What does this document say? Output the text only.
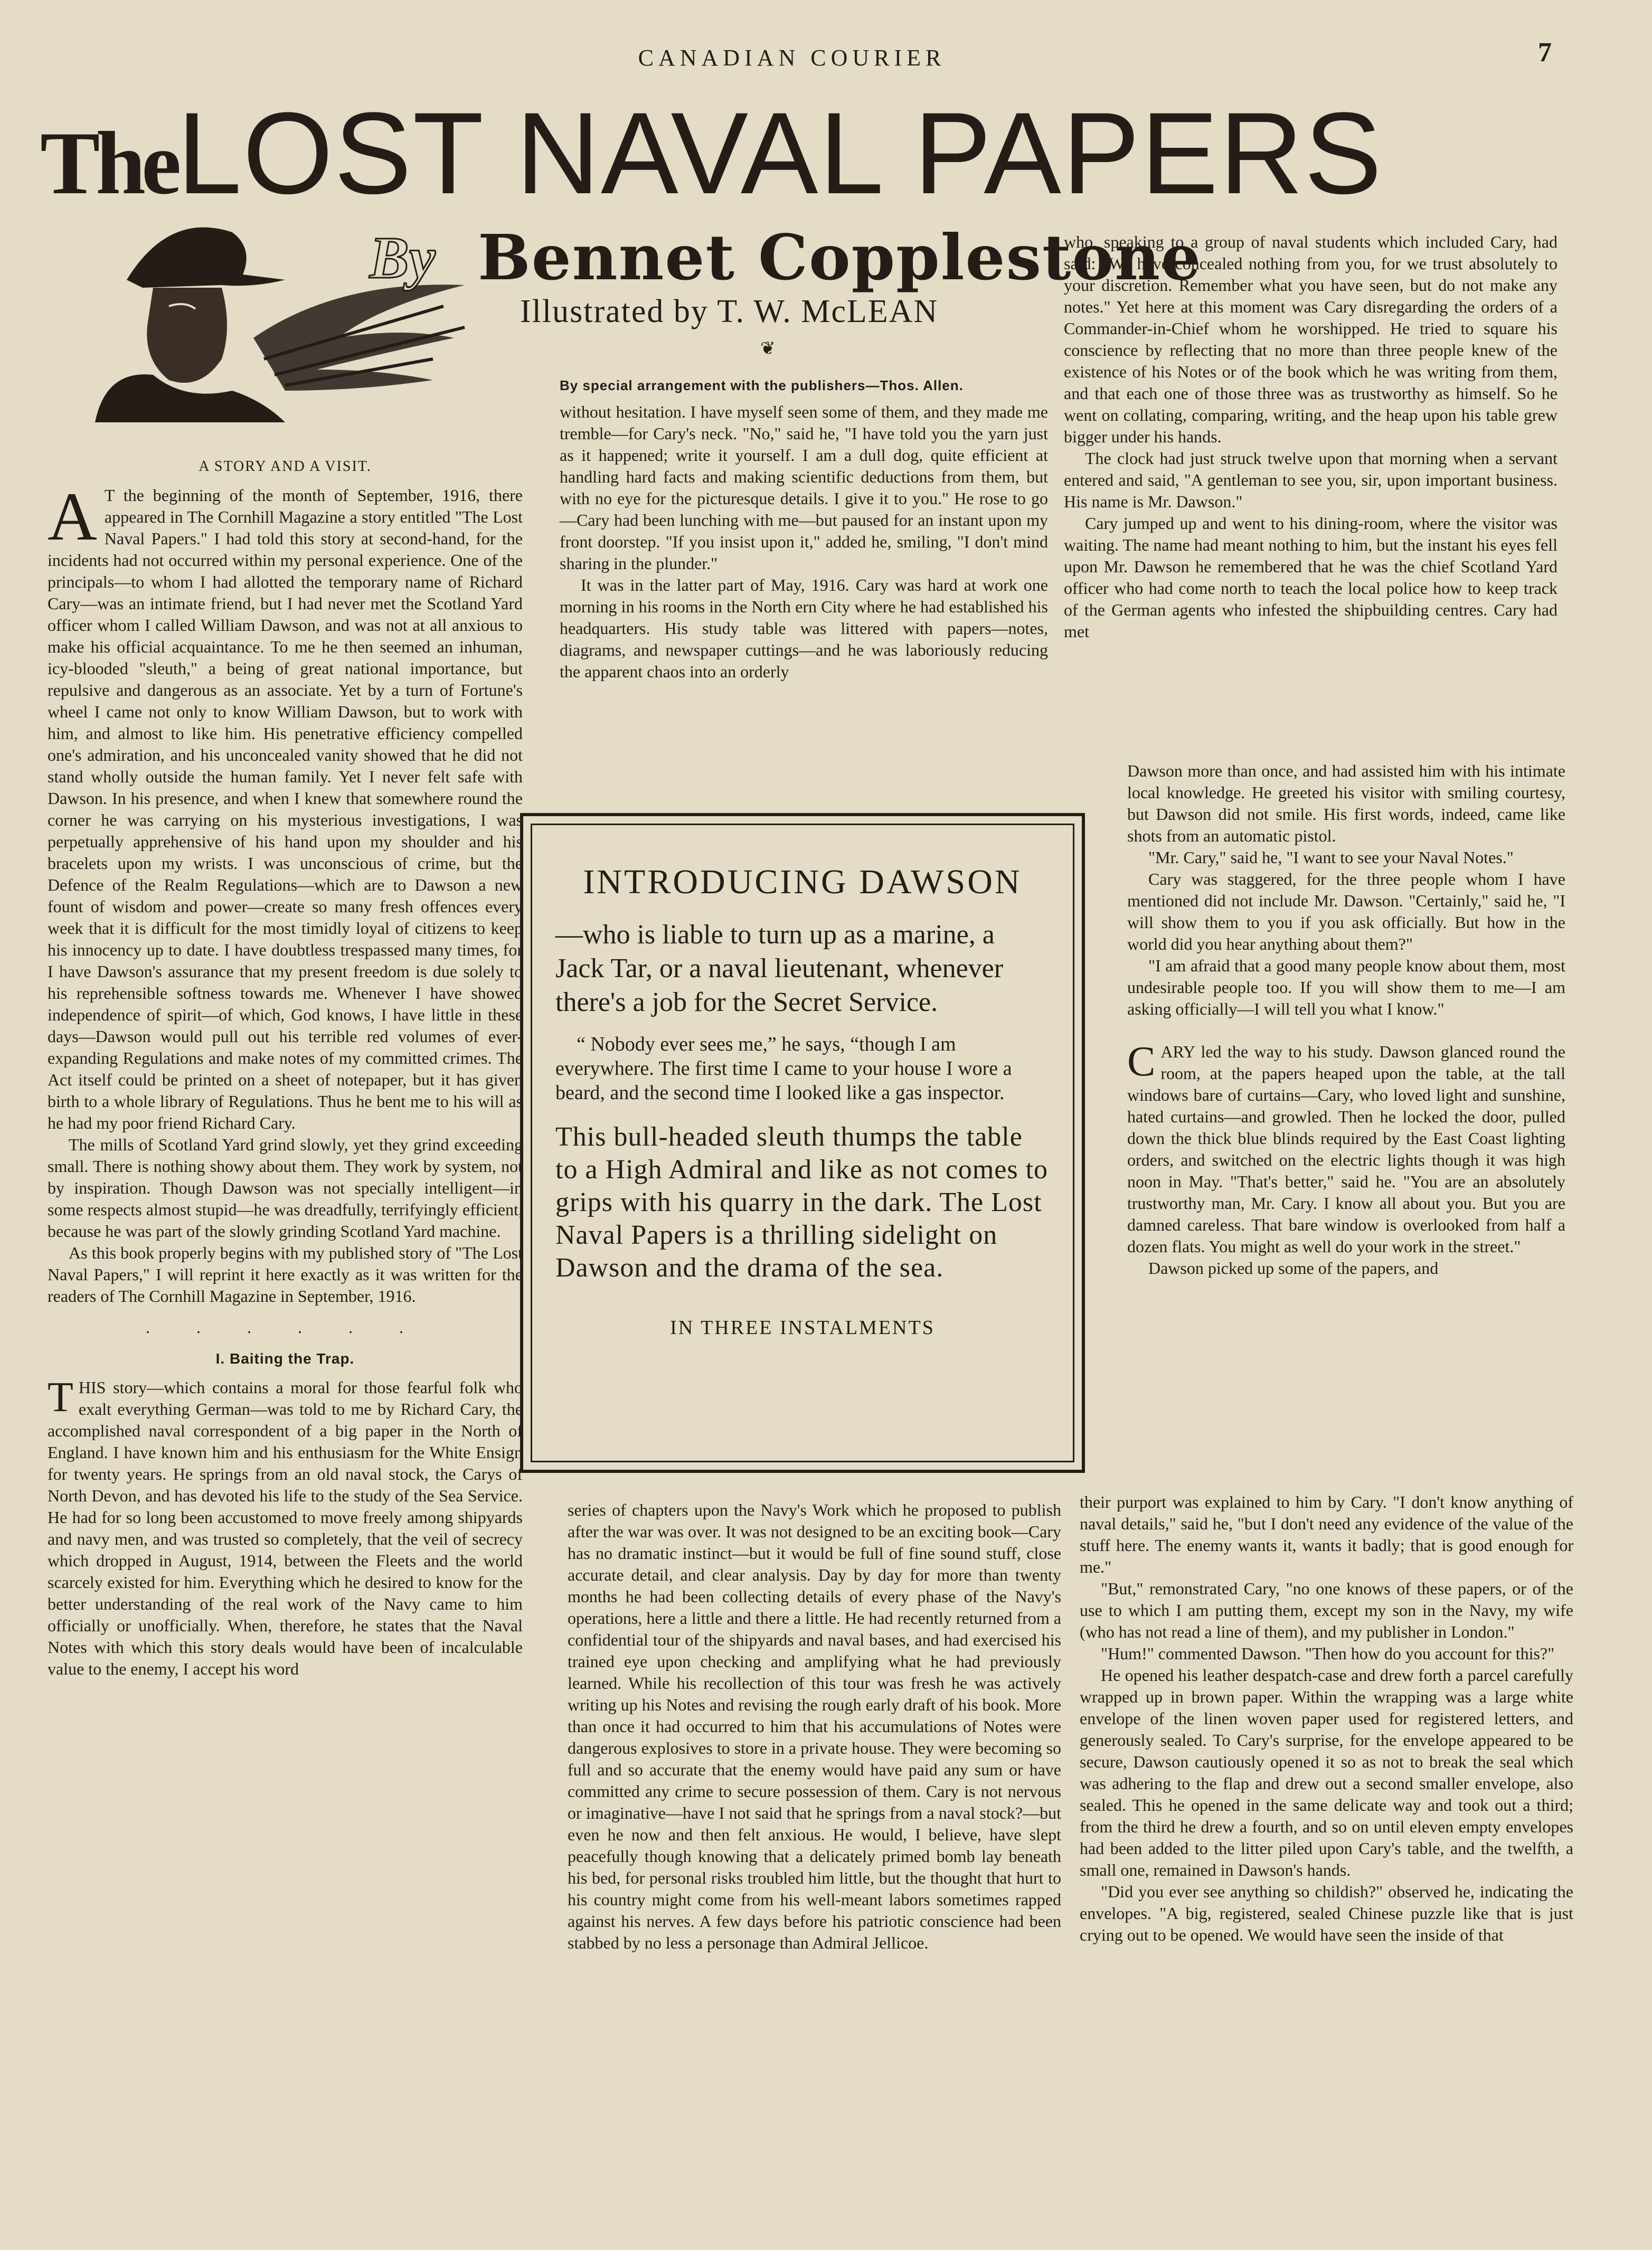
CANADIAN COURIER	7
TheLOST NAVAL PAPERS
By Bennet Copplestone
Illustrated by T. W. McLEAN
❦
By special arrangement with the publishers—Thos. Allen.
A STORY AND A VISIT.

A T the beginning of the month of September, 1916, there appeared in The Cornhill Magazine a story entitled "The Lost Naval Papers." I had told this story at second-hand, for the incidents had not occurred within my personal experience. One of the principals—to whom I had allotted the temporary name of Richard Cary—was an intimate friend, but I had never met the Scotland Yard officer whom I called William Dawson, and was not at all anxious to make his official acquaintance. To me he then seemed an inhuman, icy-blooded "sleuth," a being of great national importance, but repulsive and dangerous as an associate. Yet by a turn of Fortune's wheel I came not only to know William Dawson, but to work with him, and almost to like him. His penetrative efficiency compelled one's admiration, and his unconcealed vanity showed that he did not stand wholly outside the human family. Yet I never felt safe with Dawson. In his presence, and when I knew that somewhere round the corner he was carrying on his mysterious investigations, I was perpetually apprehensive of his hand upon my shoulder and his bracelets upon my wrists. I was unconscious of crime, but the Defence of the Realm Regulations—which are to Dawson a new fount of wisdom and power—create so many fresh offences every week that it is difficult for the most timidly loyal of citizens to keep his innocency up to date. I have doubtless trespassed many times, for I have Dawson's assurance that my present freedom is due solely to his reprehensible softness towards me. Whenever I have showed independence of spirit—of which, God knows, I have little in these days—Dawson would pull out his terrible red volumes of ever-expanding Regulations and make notes of my committed crimes. The Act itself could be printed on a sheet of notepaper, but it has given birth to a whole library of Regulations. Thus he bent me to his will as he had my poor friend Richard Cary.

The mills of Scotland Yard grind slowly, yet they grind exceeding small. There is nothing showy about them. They work by system, not by inspiration. Though Dawson was not specially intelligent—in some respects almost stupid—he was dreadfully, terrifyingly efficient, because he was part of the slowly grinding Scotland Yard machine.

As this book properly begins with my published story of "The Lost Naval Papers," I will reprint it here exactly as it was written for the readers of The Cornhill Magazine in September, 1916.

. . . . . .
I. Baiting the Trap.

THIS story—which contains a moral for those fearful folk who exalt everything German—was told to me by Richard Cary, the accomplished naval correspondent of a big paper in the North of England. I have known him and his enthusiasm for the White Ensign for twenty years. He springs from an old naval stock, the Carys of North Devon, and has devoted his life to the study of the Sea Service. He had for so long been accustomed to move freely among shipyards and navy men, and was trusted so completely, that the veil of secrecy which dropped in August, 1914, between the Fleets and the world scarcely existed for him. Everything which he desired to know for the better understanding of the real work of the Navy came to him officially or unofficially. When, therefore, he states that the Naval Notes with which this story deals would have been of incalculable value to the enemy, I accept his word

without hesitation. I have myself seen some of them, and they made me tremble—for Cary's neck. "No," said he, "I have told you the yarn just as it happened; write it yourself. I am a dull dog, quite efficient at handling hard facts and making scientific deductions from them, but with no eye for the picturesque details. I give it to you." He rose to go—Cary had been lunching with me—but paused for an instant upon my front doorstep. "If you insist upon it," added he, smiling, "I don't mind sharing in the plunder."

It was in the latter part of May, 1916. Cary was hard at work one morning in his rooms in the North ern City where he had established his headquarters. His study table was littered with papers—notes, diagrams, and newspaper cuttings—and he was laboriously reducing the apparent chaos into an orderly

INTRODUCING DAWSON

—who is liable to turn up as a marine, a Jack Tar, or a naval lieutenant, whenever there's a job for the Secret Service.

“ Nobody ever sees me,” he says, “though I am everywhere. The first time I came to your house I wore a beard, and the second time I looked like a gas inspector.

This bull-headed sleuth thumps the table to a High Admiral and like as not comes to grips with his quarry in the dark. The Lost Naval Papers is a thrilling sidelight on Dawson and the drama of the sea.

IN THREE INSTALMENTS

series of chapters upon the Navy's Work which he proposed to publish after the war was over. It was not designed to be an exciting book—Cary has no dramatic instinct—but it would be full of fine sound stuff, close accurate detail, and clear analysis. Day by day for more than twenty months he had been collecting details of every phase of the Navy's operations, here a little and there a little. He had recently returned from a confidential tour of the shipyards and naval bases, and had exercised his trained eye upon checking and amplifying what he had previously learned. While his recollection of this tour was fresh he was actively writing up his Notes and revising the rough early draft of his book. More than once it had occurred to him that his accumulations of Notes were dangerous explosives to store in a private house. They were becoming so full and so accurate that the enemy would have paid any sum or have committed any crime to secure possession of them. Cary is not nervous or imaginative—have I not said that he springs from a naval stock?—but even he now and then felt anxious. He would, I believe, have slept peacefully though knowing that a delicately primed bomb lay beneath his bed, for personal risks troubled him little, but the thought that hurt to his country might come from his well-meant labors sometimes rapped against his nerves. A few days before his patriotic conscience had been stabbed by no less a personage than Admiral Jellicoe.

who, speaking to a group of naval students which included Cary, had said: "We have concealed nothing from you, for we trust absolutely to your discretion. Remember what you have seen, but do not make any notes." Yet here at this moment was Cary disregarding the orders of a Commander-in-Chief whom he worshipped. He tried to square his conscience by reflecting that no more than three people knew of the existence of his Notes or of the book which he was writing from them, and that each one of those three was as trustworthy as himself. So he went on collating, comparing, writing, and the heap upon his table grew bigger under his hands.

The clock had just struck twelve upon that morning when a servant entered and said, "A gentleman to see you, sir, upon important business. His name is Mr. Dawson."

Cary jumped up and went to his dining-room, where the visitor was waiting. The name had meant nothing to him, but the instant his eyes fell upon Mr. Dawson he remembered that he was the chief Scotland Yard officer who had come north to teach the local police how to keep track of the German agents who infested the shipbuilding centres. Cary had met

Dawson more than once, and had assisted him with his intimate local knowledge. He greeted his visitor with smiling courtesy, but Dawson did not smile. His first words, indeed, came like shots from an automatic pistol.

"Mr. Cary," said he, "I want to see your Naval Notes."

Cary was staggered, for the three people whom I have mentioned did not include Mr. Dawson. "Certainly," said he, "I will show them to you if you ask officially. But how in the world did you hear anything about them?"

"I am afraid that a good many people know about them, most undesirable people too. If you will show them to me—I am asking officially—I will tell you what I know."

CARY led the way to his study. Dawson glanced round the room, at the papers heaped upon the table, at the tall windows bare of curtains—Cary, who loved light and sunshine, hated curtains—and growled. Then he locked the door, pulled down the thick blue blinds required by the East Coast lighting orders, and switched on the electric lights though it was high noon in May. "That's better," said he. "You are an absolutely trustworthy man, Mr. Cary. I know all about you. But you are damned careless. That bare window is overlooked from half a dozen flats. You might as well do your work in the street."

Dawson picked up some of the papers, and

their purport was explained to him by Cary. "I don't know anything of naval details," said he, "but I don't need any evidence of the value of the stuff here. The enemy wants it, wants it badly; that is good enough for me."

"But," remonstrated Cary, "no one knows of these papers, or of the use to which I am putting them, except my son in the Navy, my wife (who has not read a line of them), and my publisher in London."

"Hum!" commented Dawson. "Then how do you account for this?"

He opened his leather despatch-case and drew forth a parcel carefully wrapped up in brown paper. Within the wrapping was a large white envelope of the linen woven paper used for registered letters, and generously sealed. To Cary's surprise, for the envelope appeared to be secure, Dawson cautiously opened it so as not to break the seal which was adhering to the flap and drew out a second smaller envelope, also sealed. This he opened in the same delicate way and took out a third; from the third he drew a fourth, and so on until eleven empty envelopes had been added to the litter piled upon Cary's table, and the twelfth, a small one, remained in Dawson's hands.

"Did you ever see anything so childish?" observed he, indicating the envelopes. "A big, registered, sealed Chinese puzzle like that is just crying out to be opened. We would have seen the inside of that
